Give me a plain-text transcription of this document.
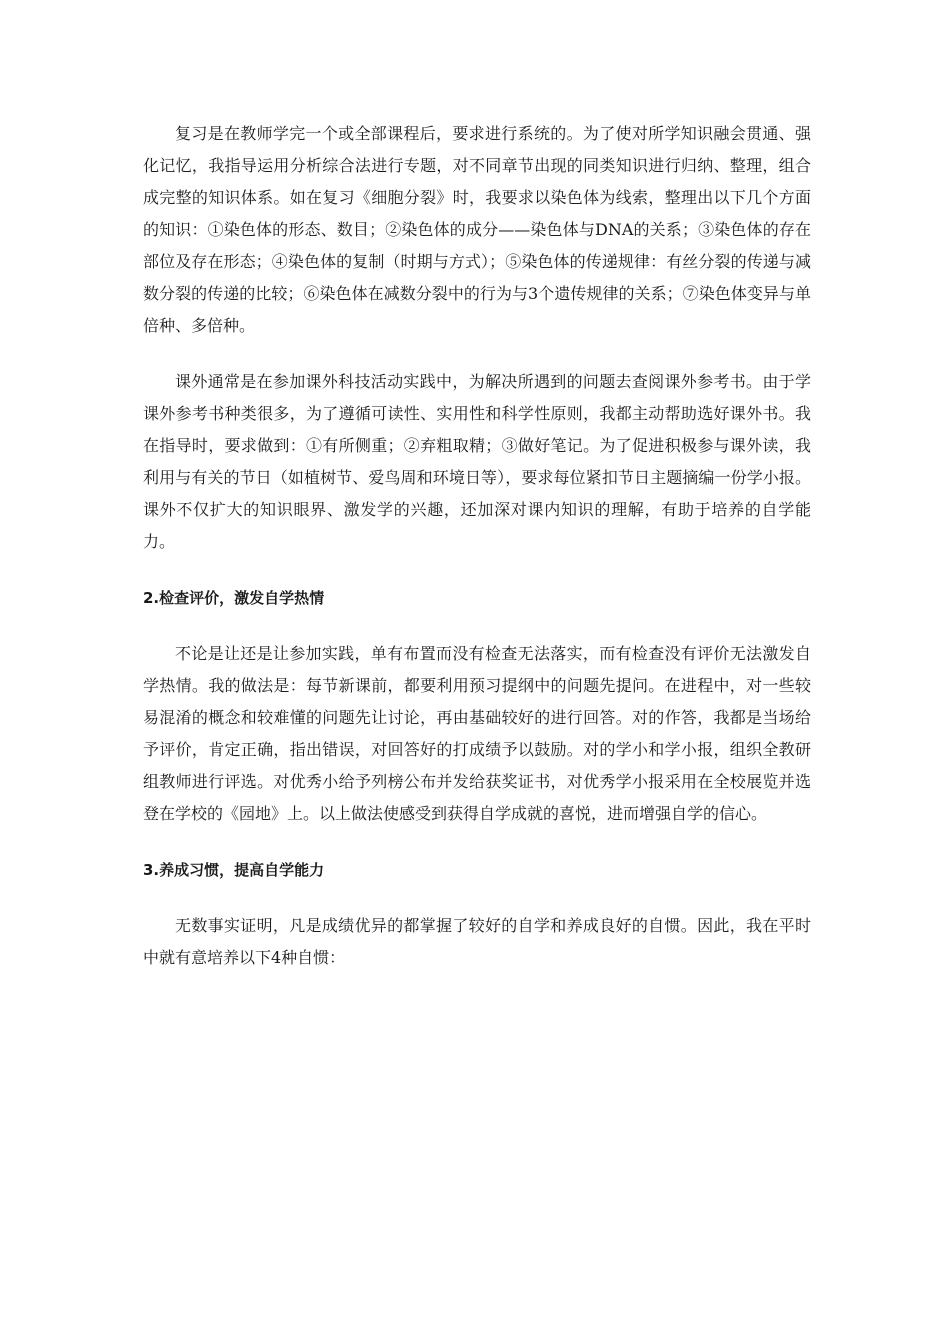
复习是在教师学完一个或全部课程后，要求进行系统的。为了使对所学知识融会贯通、强化记忆，我指导运用分析综合法进行专题，对不同章节出现的同类知识进行归纳、整理，组合成完整的知识体系。如在复习《细胞分裂》时，我要求以染色体为线索，整理出以下几个方面的知识：①染色体的形态、数目；②染色体的成分——染色体与DNA的关系；③染色体的存在部位及存在形态；④染色体的复制（时期与方式）；⑤染色体的传递规律：有丝分裂的传递与减数分裂的传递的比较；⑥染色体在减数分裂中的行为与3个遗传规律的关系；⑦染色体变异与单倍种、多倍种。

课外通常是在参加课外科技活动实践中，为解决所遇到的问题去查阅课外参考书。由于学课外参考书种类很多，为了遵循可读性、实用性和科学性原则，我都主动帮助选好课外书。我在指导时，要求做到：①有所侧重；②弃粗取精；③做好笔记。为了促进积极参与课外读，我利用与有关的节日（如植树节、爱鸟周和环境日等），要求每位紧扣节日主题摘编一份学小报。课外不仅扩大的知识眼界、激发学的兴趣，还加深对课内知识的理解，有助于培养的自学能力。

2.检查评价，激发自学热情

不论是让还是让参加实践，单有布置而没有检查无法落实，而有检查没有评价无法激发自学热情。我的做法是：每节新课前，都要利用预习提纲中的问题先提问。在进程中，对一些较易混淆的概念和较难懂的问题先让讨论，再由基础较好的进行回答。对的作答，我都是当场给予评价，肯定正确，指出错误，对回答好的打成绩予以鼓励。对的学小和学小报，组织全教研组教师进行评选。对优秀小给予列榜公布并发给获奖证书，对优秀学小报采用在全校展览并选登在学校的《园地》上。以上做法使感受到获得自学成就的喜悦，进而增强自学的信心。

3.养成习惯，提高自学能力

无数事实证明，凡是成绩优异的都掌握了较好的自学和养成良好的自惯。因此，我在平时中就有意培养以下4种自惯：
